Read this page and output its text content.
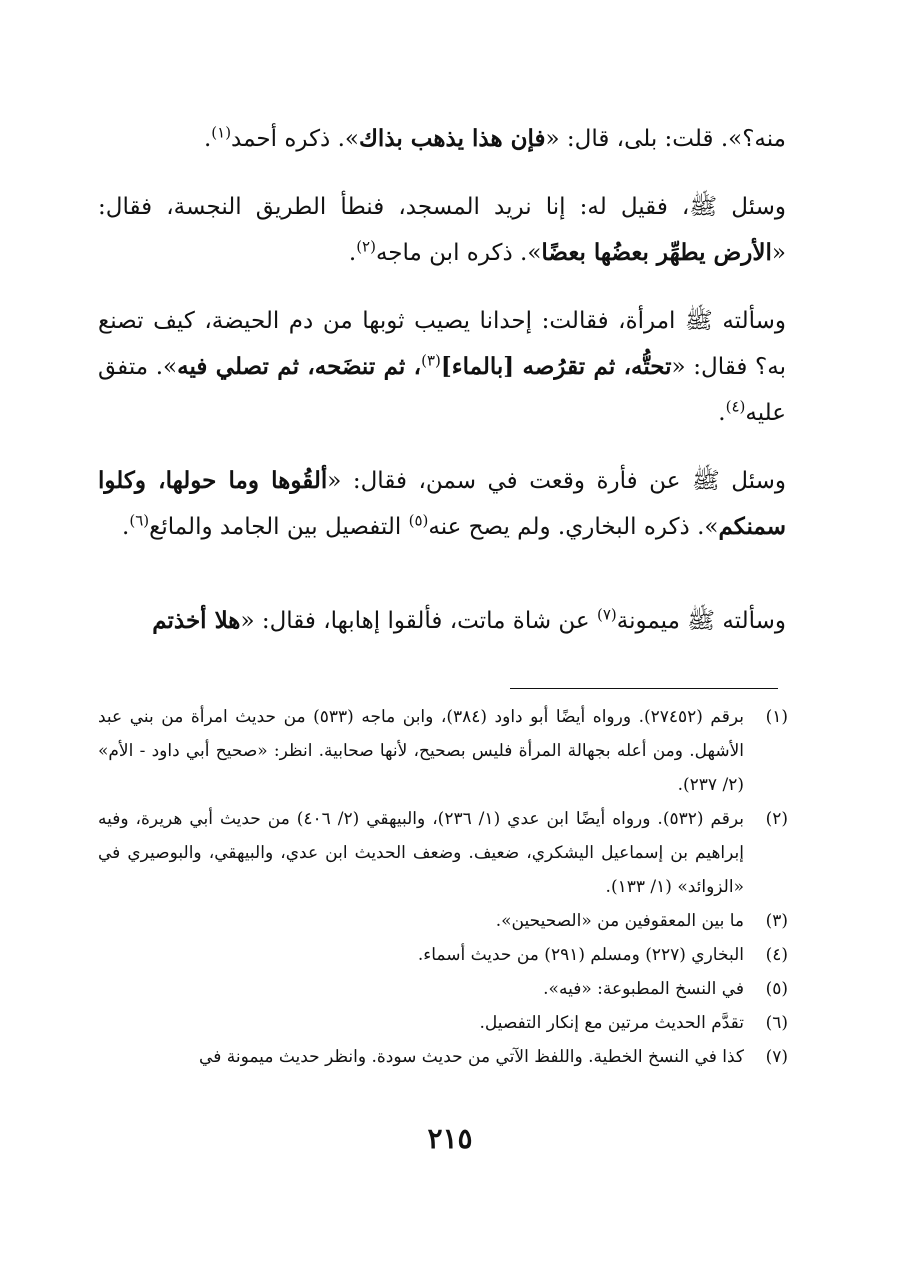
منه؟». قلت: بلى، قال: «فإن هذا يذهب بذاك». ذكره أحمد$^{(١)}$.

وسئل ﷺ، فقيل له: إنا نريد المسجد، فنطأ الطريق النجسة، فقال: «الأرض يطهِّر بعضُها بعضًا». ذكره ابن ماجه$^{(٢)}$.

وسألته ﷺ امرأة، فقالت: إحدانا يصيب ثوبها من دم الحيضة، كيف تصنع به؟ فقال: «تحتُّه، ثم تقرُصه [بالماء]$^{(٣)}$، ثم تنضَحه، ثم تصلي فيه». متفق عليه$^{(٤)}$.

وسئل ﷺ عن فأرة وقعت في سمن، فقال: «ألقُوها وما حولها، وكلوا سمنكم». ذكره البخاري. ولم يصح عنه$^{(٥)}$ التفصيل بين الجامد والمائع$^{(٦)}$.

وسألته ﷺ ميمونة$^{(٧)}$ عن شاة ماتت، فألقوا إهابها، فقال: «هلا أخذتم

(١)
برقم (٢٧٤٥٢). ورواه أيضًا أبو داود (٣٨٤)، وابن ماجه (٥٣٣) من حديث امرأة من بني عبد الأشهل. ومن أعله بجهالة المرأة فليس بصحيح، لأنها صحابية. انظر: «صحيح أبي داود - الأم» (٢/ ٢٣٧).
(٢)
برقم (٥٣٢). ورواه أيضًا ابن عدي (١/ ٢٣٦)، والبيهقي (٢/ ٤٠٦) من حديث أبي هريرة، وفيه إبراهيم بن إسماعيل اليشكري، ضعيف. وضعف الحديث ابن عدي، والبيهقي، والبوصيري في «الزوائد» (١/ ١٣٣).
(٣)
ما بين المعقوفين من «الصحيحين».
(٤)
البخاري (٢٢٧) ومسلم (٢٩١) من حديث أسماء.
(٥)
في النسخ المطبوعة: «فيه».
(٦)
تقدَّم الحديث مرتين مع إنكار التفصيل.
(٧)
كذا في النسخ الخطية. واللفظ الآتي من حديث سودة. وانظر حديث ميمونة في
٢١٥
